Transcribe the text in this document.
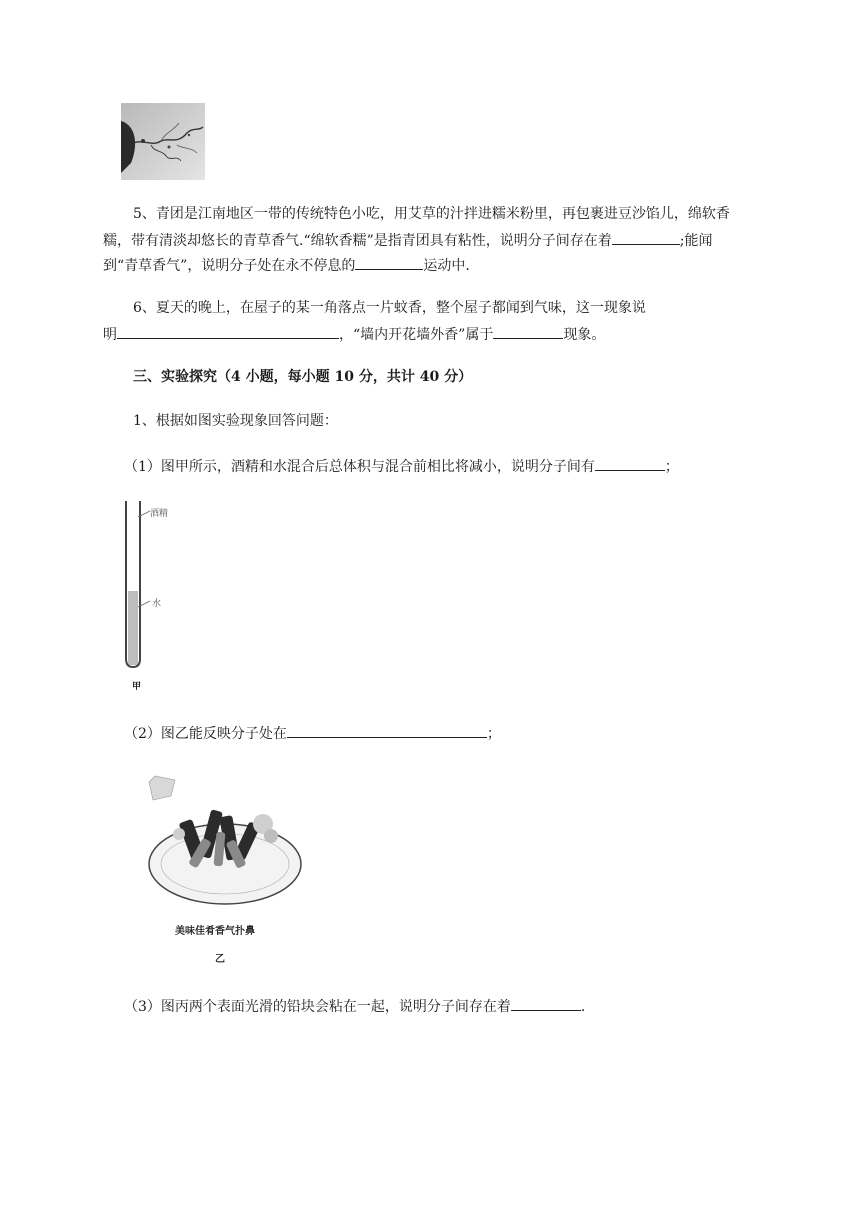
5、青团是江南地区一带的传统特色小吃，用艾草的汁拌进糯米粉里，再包裹进豆沙馅儿，绵软香
糯，带有清淡却悠长的青草香气.“绵软香糯”是指青团具有粘性，说明分子间存在着	;能闻
到“青草香气”，说明分子处在永不停息的	运动中.
6、夏天的晚上，在屋子的某一角落点一片蚊香，整个屋子都闻到气味，这一现象说
明	，“墙内开花墙外香”属于	现象。
三、实验探究（4 小题，每小题 10 分，共计 40 分）
1、根据如图实验现象回答问题：
（1）图甲所示，酒精和水混合后总体积与混合前相比将减小，说明分子间有	；
酒精
水
甲
（2）图乙能反映分子处在	；
美味佳肴香气扑鼻
乙
（3）图丙两个表面光滑的铅块会粘在一起，说明分子间存在着	.
